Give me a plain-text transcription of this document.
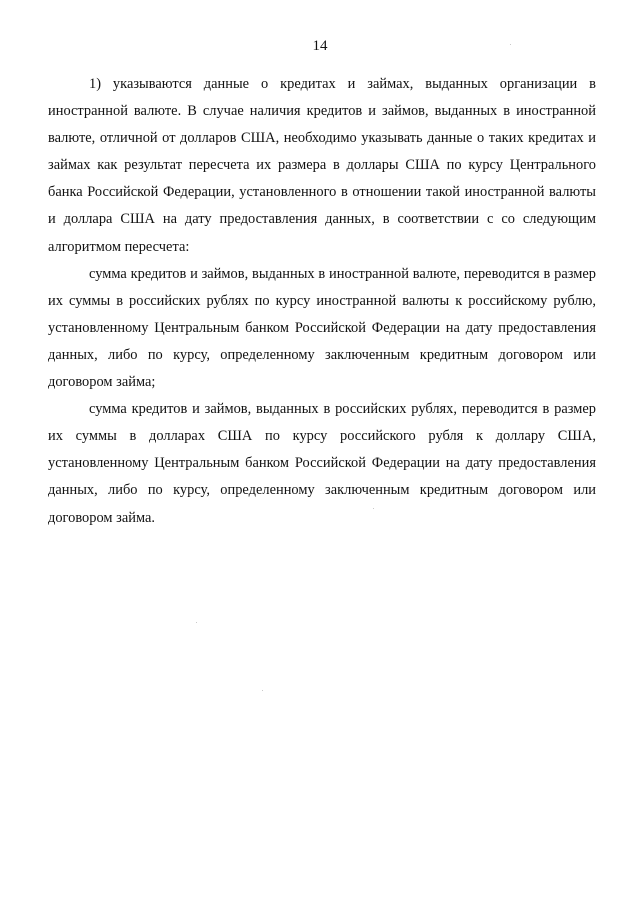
14

1) указываются данные о кредитах и займах, выданных организации в иностранной валюте. В случае наличия кредитов и займов, выданных в иностранной валюте, отличной от долларов США, необходимо указывать данные о таких кредитах и займах как результат пересчета их размера в доллары США по курсу Центрального банка Российской Федерации, установленного в отношении такой иностранной валюты и доллара США на дату предоставления данных, в соответствии с со следующим алгоритмом пересчета:

сумма кредитов и займов, выданных в иностранной валюте, переводится в размер их суммы в российских рублях по курсу иностранной валюты к российскому рублю, установленному Центральным банком Российской Федерации на дату предоставления данных, либо по курсу, определенному заключенным кредитным договором или договором займа;

сумма кредитов и займов, выданных в российских рублях, переводится в размер их суммы в долларах США по курсу российского рубля к доллару США, установленному Центральным банком Российской Федерации на дату предоставления данных, либо по курсу, определенному заключенным кредитным договором или договором займа.
